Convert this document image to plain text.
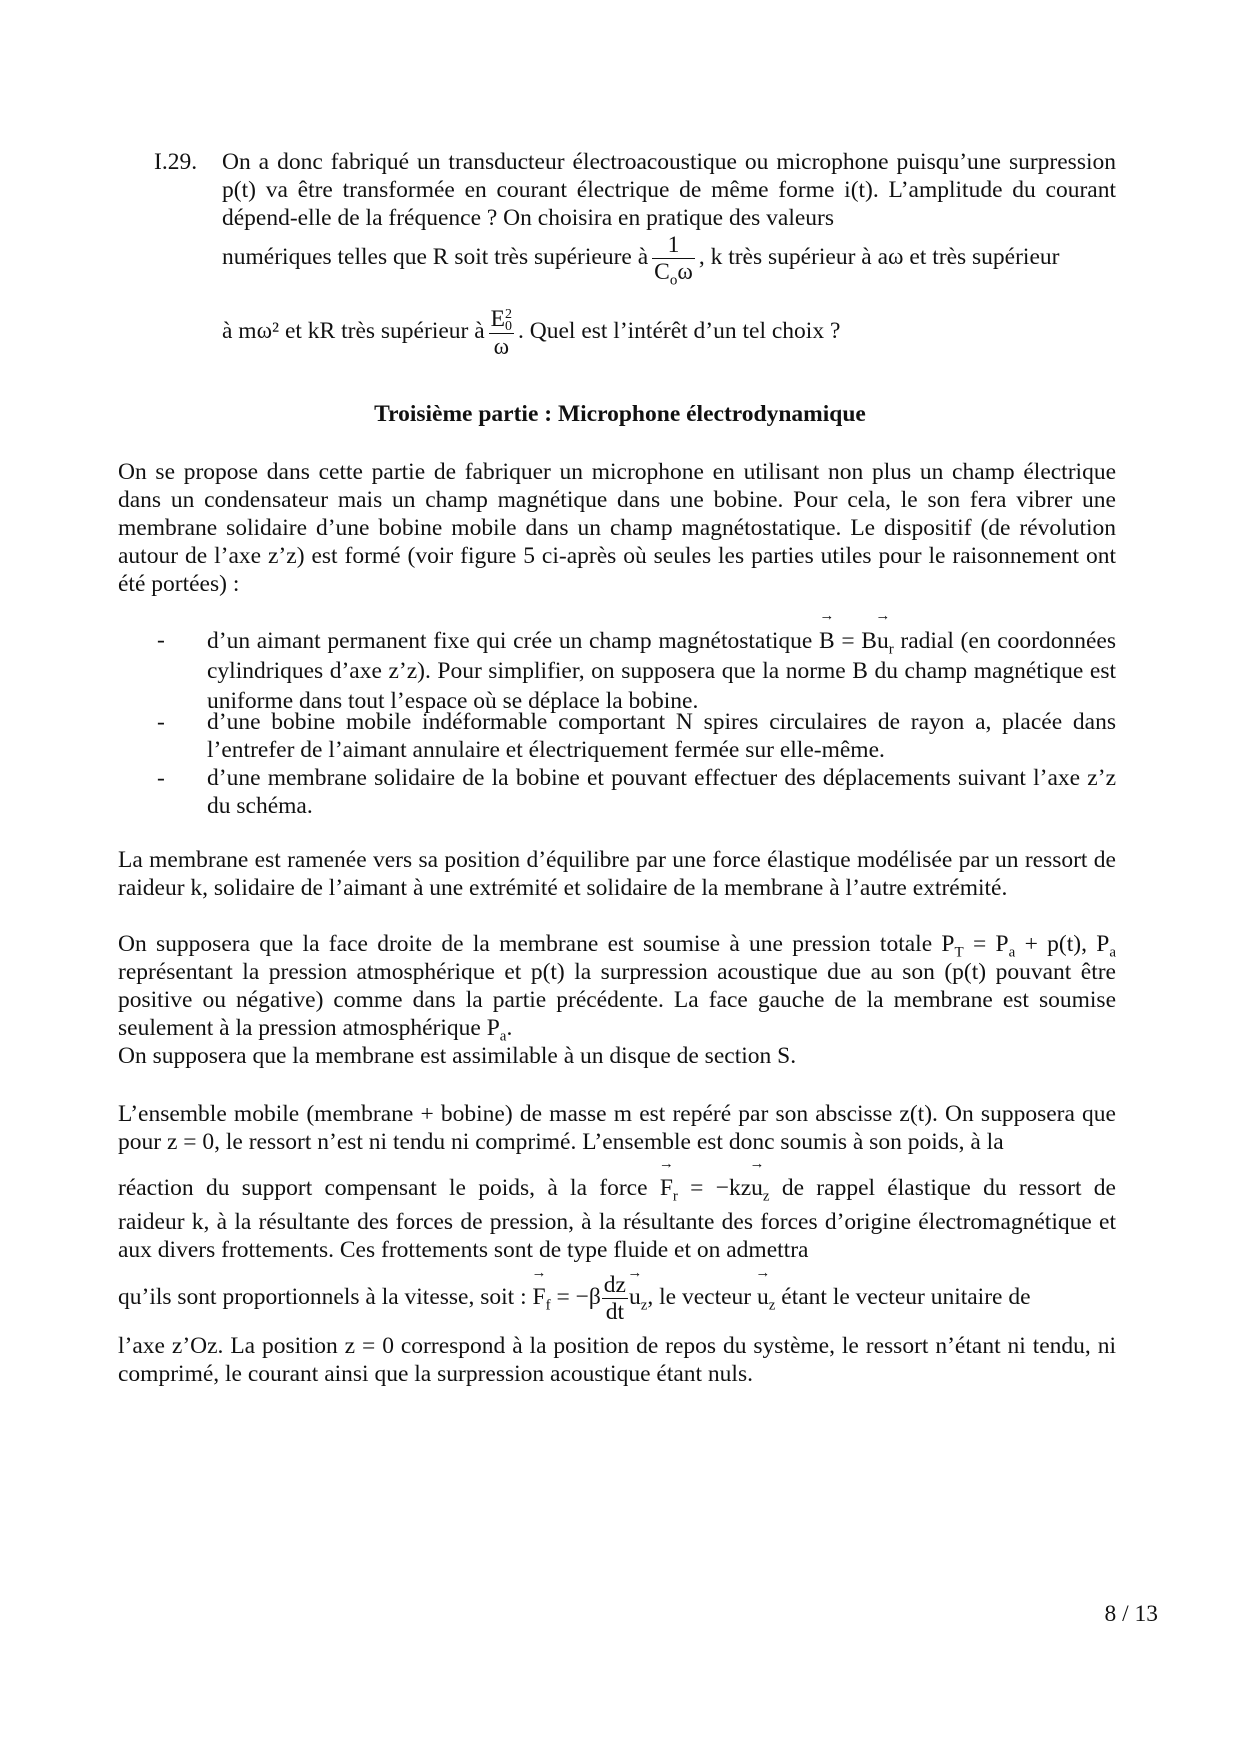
I.29. On a donc fabriqué un transducteur électroacoustique ou microphone puisqu’une surpression p(t) va être transformée en courant électrique de même forme i(t). L’amplitude du courant dépend-elle de la fréquence ? On choisira en pratique des valeurs
numériques telles que R soit très supérieure à $\frac{1}{C_o\omega}$ , k très supérieur à aω et très supérieur
à mω² et kR très supérieur à E 2
0
ω . Quel est l’intérêt d’un tel choix ?
Troisième partie : Microphone électrodynamique
On se propose dans cette partie de fabriquer un microphone en utilisant non plus un champ électrique dans un condensateur mais un champ magnétique dans une bobine. Pour cela, le son fera vibrer une membrane solidaire d’une bobine mobile dans un champ magnétostatique. Le dispositif (de révolution autour de l’axe z’z) est formé (voir figure 5 ci-après où seules les parties utiles pour le raisonnement ont été portées) :
- d’un aimant permanent fixe qui crée un champ magnétostatique → $B = B\to u_r$ radial (en coordonnées cylindriques d’axe z’z). Pour simplifier, on supposera que la norme B du champ magnétique est uniforme dans tout l’espace où se déplace la bobine.
- d’une bobine mobile indéformable comportant N spires circulaires de rayon a, placée dans l’entrefer de l’aimant annulaire et électriquement fermée sur elle-même.
- d’une membrane solidaire de la bobine et pouvant effectuer des déplacements suivant l’axe z’z du schéma.
La membrane est ramenée vers sa position d’équilibre par une force élastique modélisée par un ressort de raideur k, solidaire de l’aimant à une extrémité et solidaire de la membrane à l’autre extrémité.
On supposera que la face droite de la membrane est soumise à une pression totale $P_T = P_a + p(t)$, $P_a$ représentant la pression atmosphérique et p(t) la surpression acoustique due au son (p(t) pouvant être positive ou négative) comme dans la partie précédente. La face gauche de la membrane est soumise seulement à la pression atmosphérique $P_a$.
On supposera que la membrane est assimilable à un disque de section S.
L’ensemble mobile (membrane + bobine) de masse m est repéré par son abscisse z(t). On supposera que pour z = 0, le ressort n’est ni tendu ni comprimé. L’ensemble est donc soumis à son poids, à la
réaction du support compensant le poids, à la force → $F_r = -kz\to u_z$ de rappel élastique du ressort de
raideur k, à la résultante des forces de pression, à la résultante des forces d’origine électromagnétique et aux divers frottements. Ces frottements sont de type fluide et on admettra
qu’ils sont proportionnels à la vitesse, soit : → $F_f = -\beta \frac{dz}{dt}$
→ $u_z$, le vecteur → $u_z$ étant le vecteur unitaire de
l’axe z’Oz. La position z = 0 correspond à la position de repos du système, le ressort n’étant ni tendu, ni comprimé, le courant ainsi que la surpression acoustique étant nuls.
8 / 13
